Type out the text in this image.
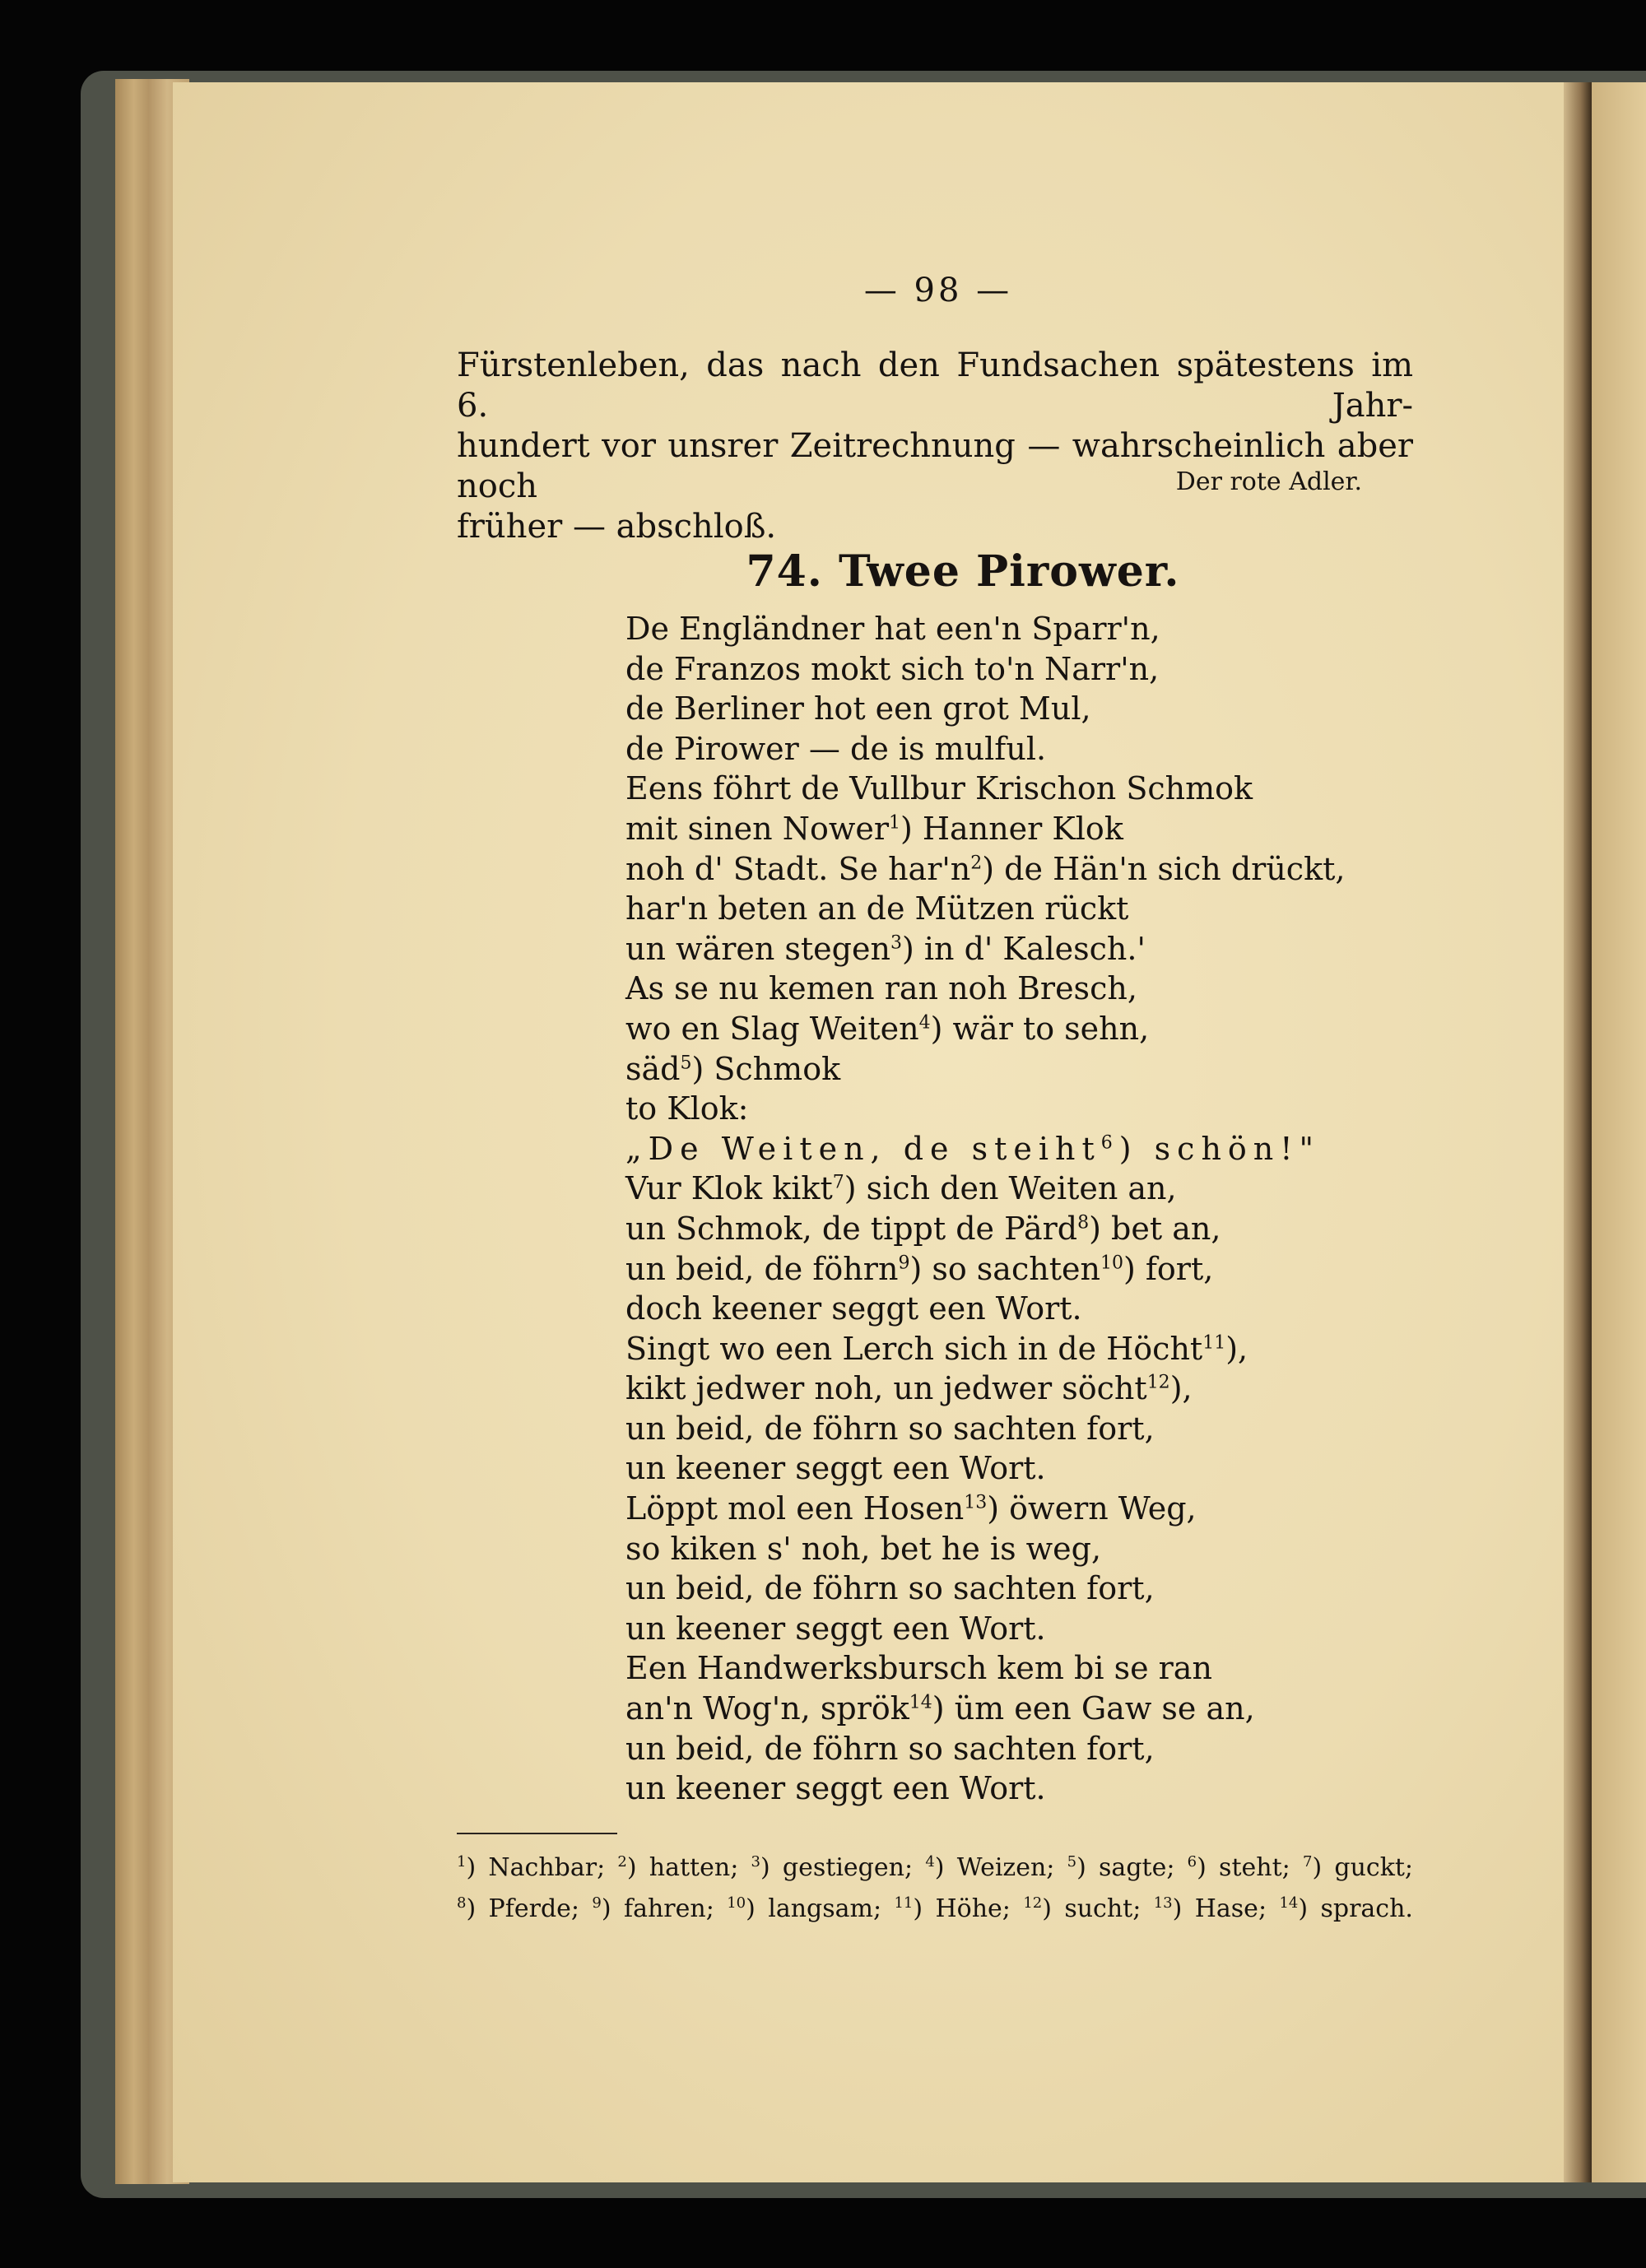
— 98 —
Fürstenleben, das nach den Fundsachen spätestens im 6. Jahr-
hundert vor unsrer Zeitrechnung — wahrscheinlich aber noch
früher — abschloß.
Der rote Adler.
74. Twee Pirower.
De Engländner hat een'n Sparr'n,
de Franzos mokt sich to'n Narr'n,
de Berliner hot een grot Mul,
de Pirower — de is mulful.
Eens föhrt de Vullbur Krischon Schmok
mit sinen Nower$^1$) Hanner Klok
noh d' Stadt. Se $har'n^2$) de Hän'n sich drückt,
har'n beten an de Mützen rückt
un wären stegen$^3$) in d' Kalesch.'
As se nu kemen ran noh Bresch,
wo en Slag Weiten$^4$) wär to sehn,
säd$^5$) Schmok
to Klok:
„De Weiten, de steiht$^6$) schön!"
Vur Klok kikt$^7$) sich den Weiten an,
un Schmok, de tippt de Pärd$^8$) bet an,
un beid, de föhrn$^9$) so sachten$^{10}$) fort,
doch keener seggt een Wort.
Singt wo een Lerch sich in de Höcht$^{11}$),
kikt jedwer noh, un jedwer söcht$^{12}$),
un beid, de föhrn so sachten fort,
un keener seggt een Wort.
Löppt mol een Hosen$^{13}$) öwern Weg,
so kiken s' noh, bet he is weg,
un beid, de föhrn so sachten fort,
un keener seggt een Wort.
Een Handwerksbursch kem bi se ran
an'n Wog'n, sprök$^{14}$) üm een Gaw se an,
un beid, de föhrn so sachten fort,
un keener seggt een Wort.
$^1$) Nachbar; $^2$) hatten; $^3$) gestiegen; $^4$) Weizen; $^5$) sagte; $^6$) steht; $^7$) guckt;
$^8$) Pferde; $^9$) fahren; $^{10}$) langsam; $^{11}$) Höhe; $^{12}$) sucht; $^{13}$) Hase; $^{14}$) sprach.
